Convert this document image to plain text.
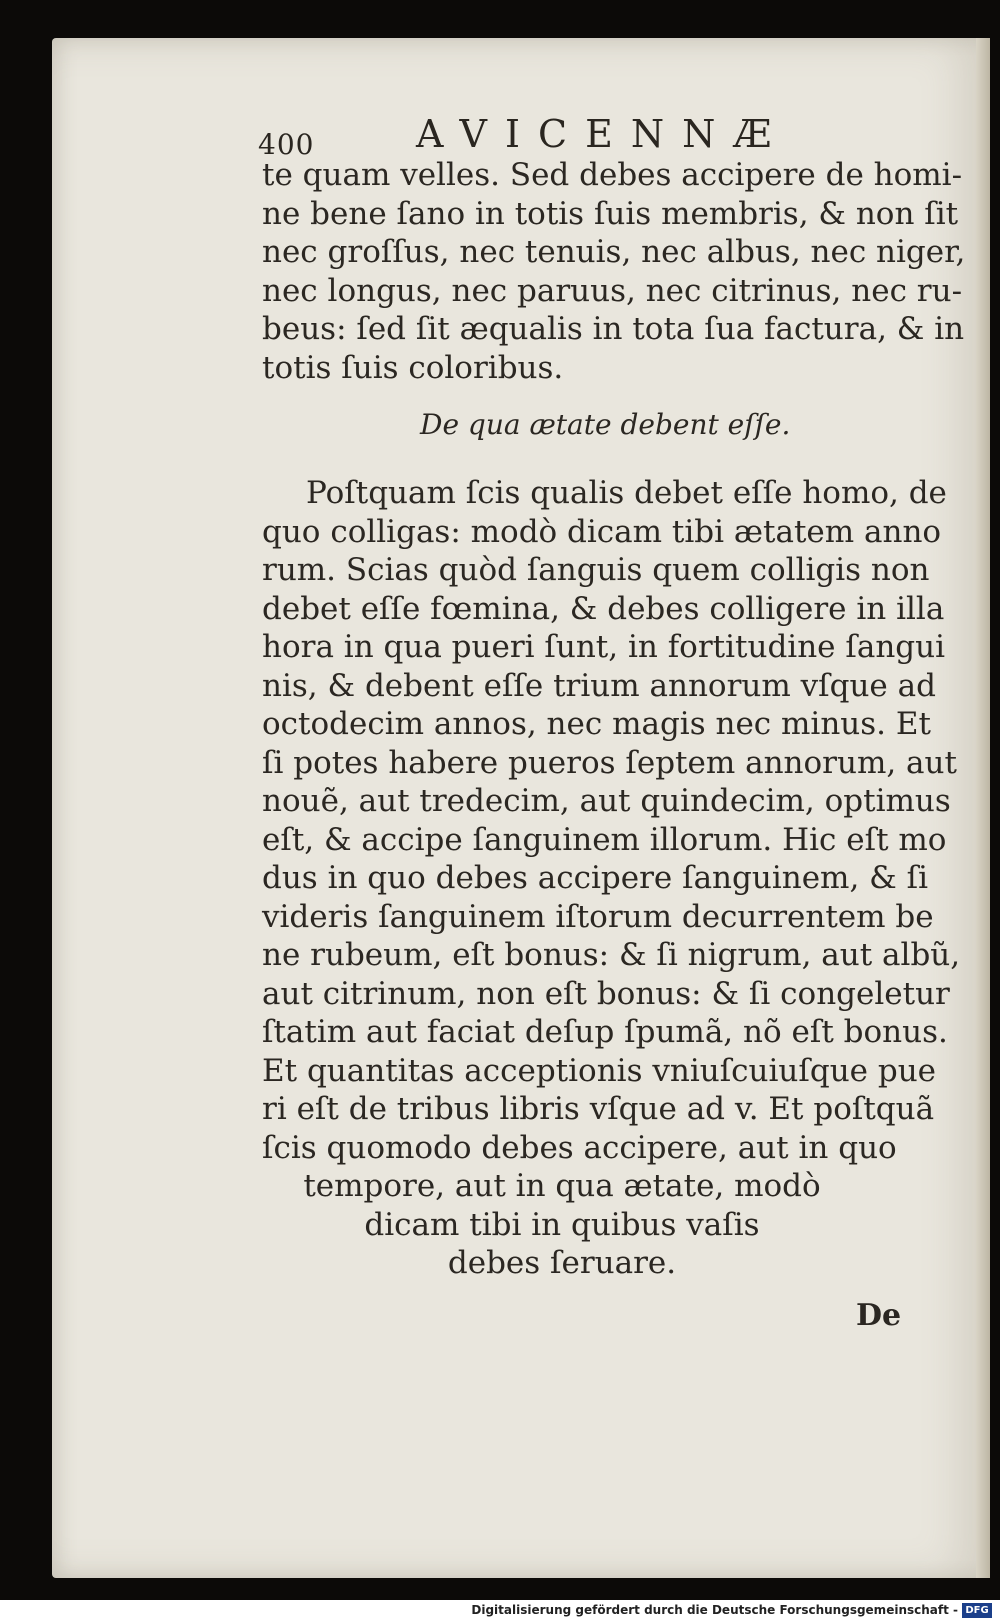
400	AVICENNÆ
te quam velles. Sed debes accipere de homi-
ne bene ſano in totis ſuis membris, & non ſit
nec groſſus, nec tenuis, nec albus, nec niger,
nec longus, nec paruus, nec citrinus, nec ru-
beus: ſed ſit æqualis in tota ſua factura, & in
totis ſuis coloribus.
De qua ætate debent eſſe.
Poſtquam ſcis qualis debet eſſe homo, de
quo colligas: modò dicam tibi ætatem anno
rum. Scias quòd ſanguis quem colligis non
debet eſſe fœmina, & debes colligere in illa
hora in qua pueri ſunt, in fortitudine ſangui
nis, & debent eſſe trium annorum vſque ad
octodecim annos, nec magis nec minus. Et
ſi potes habere pueros ſeptem annorum, aut
nouẽ, aut tredecim, aut quindecim, optimus
eſt, & accipe ſanguinem illorum. Hic eſt mo
dus in quo debes accipere ſanguinem, & ſi
videris ſanguinem iſtorum decurrentem be
ne rubeum, eſt bonus: & ſi nigrum, aut albũ,
aut citrinum, non eſt bonus: & ſi congeletur
ſtatim aut faciat deſup ſpumã, nõ eſt bonus.
Et quantitas acceptionis vniuſcuiuſque pue
ri eſt de tribus libris vſque ad v. Et poſtquã
ſcis quomodo debes accipere, aut in quo
tempore, aut in qua ætate, modò
dicam tibi in quibus vaſis
debes ſeruare.
De
Digitalisierung gefördert durch die Deutsche Forschungsgemeinschaft - DFG
